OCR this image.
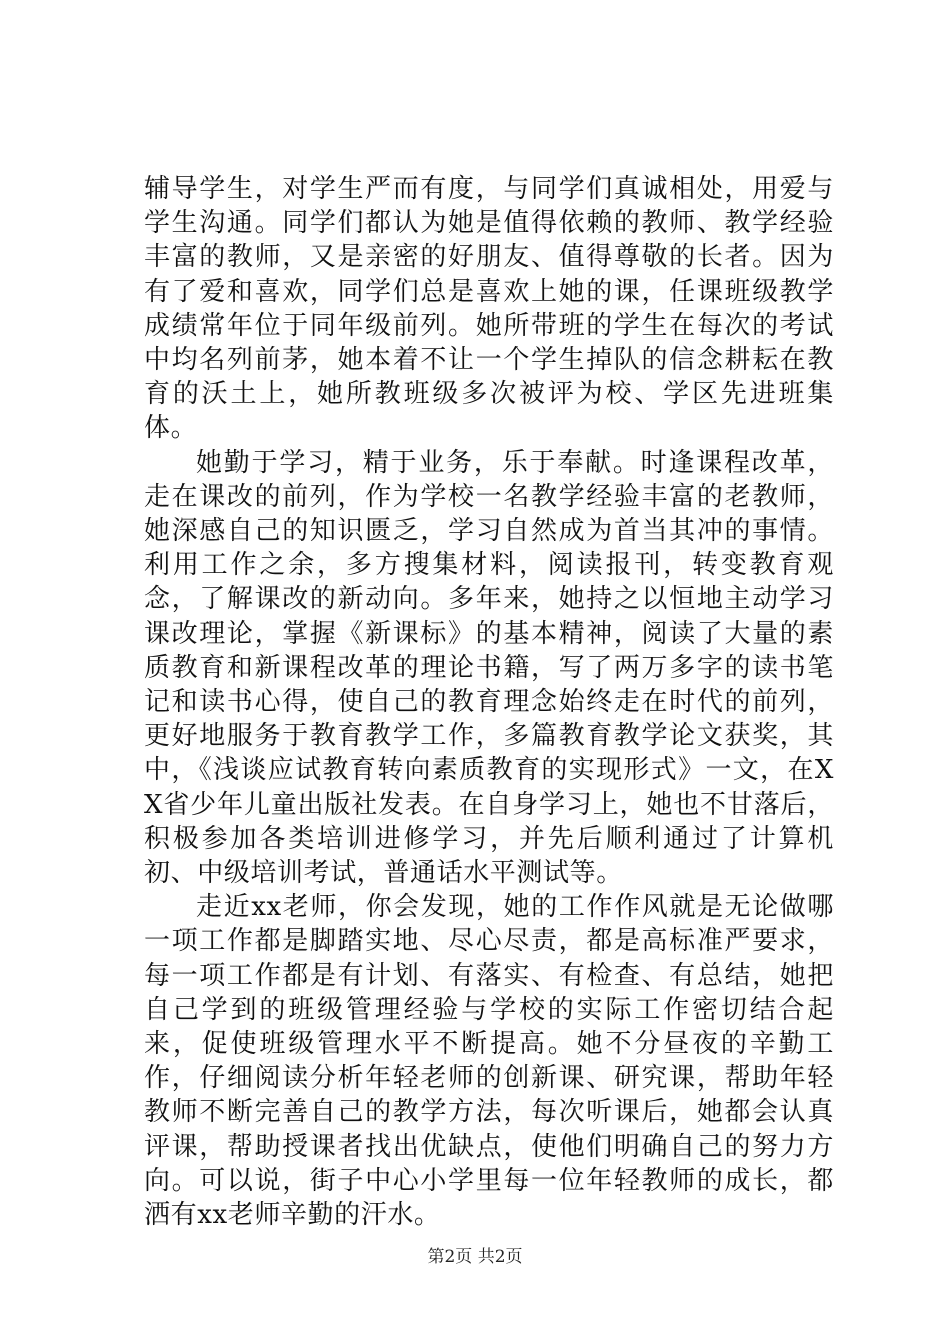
辅导学生，对学生严而有度，与同学们真诚相处，用爱与学生沟通。同学们都认为她是值得依赖的教师、教学经验丰富的教师，又是亲密的好朋友、值得尊敬的长者。因为有了爱和喜欢，同学们总是喜欢上她的课，任课班级教学成绩常年位于同年级前列。她所带班的学生在每次的考试中均名列前茅，她本着不让一个学生掉队的信念耕耘在教育的沃土上，她所教班级多次被评为校、学区先进班集体。

她勤于学习，精于业务，乐于奉献。时逢课程改革，走在课改的前列，作为学校一名教学经验丰富的老教师，她深感自己的知识匮乏，学习自然成为首当其冲的事情。利用工作之余，多方搜集材料，阅读报刊，转变教育观念，了解课改的新动向。多年来，她持之以恒地主动学习课改理论，掌握《新课标》的基本精神，阅读了大量的素质教育和新课程改革的理论书籍，写了两万多字的读书笔记和读书心得，使自己的教育理念始终走在时代的前列，更好地服务于教育教学工作，多篇教育教学论文获奖，其中，《浅谈应试教育转向素质教育的实现形式》一文，在XX省少年儿童出版社发表。在自身学习上，她也不甘落后，积极参加各类培训进修学习，并先后顺利通过了计算机初、中级培训考试，普通话水平测试等。

走近xx老师，你会发现，她的工作作风就是无论做哪一项工作都是脚踏实地、尽心尽责，都是高标准严要求，每一项工作都是有计划、有落实、有检查、有总结，她把自己学到的班级管理经验与学校的实际工作密切结合起来，促使班级管理水平不断提高。她不分昼夜的辛勤工作，仔细阅读分析年轻老师的创新课、研究课，帮助年轻教师不断完善自己的教学方法，每次听课后，她都会认真评课，帮助授课者找出优缺点，使他们明确自己的努力方向。可以说，街子中心小学里每一位年轻教师的成长，都洒有xx老师辛勤的汗水。

第2页 共2页
